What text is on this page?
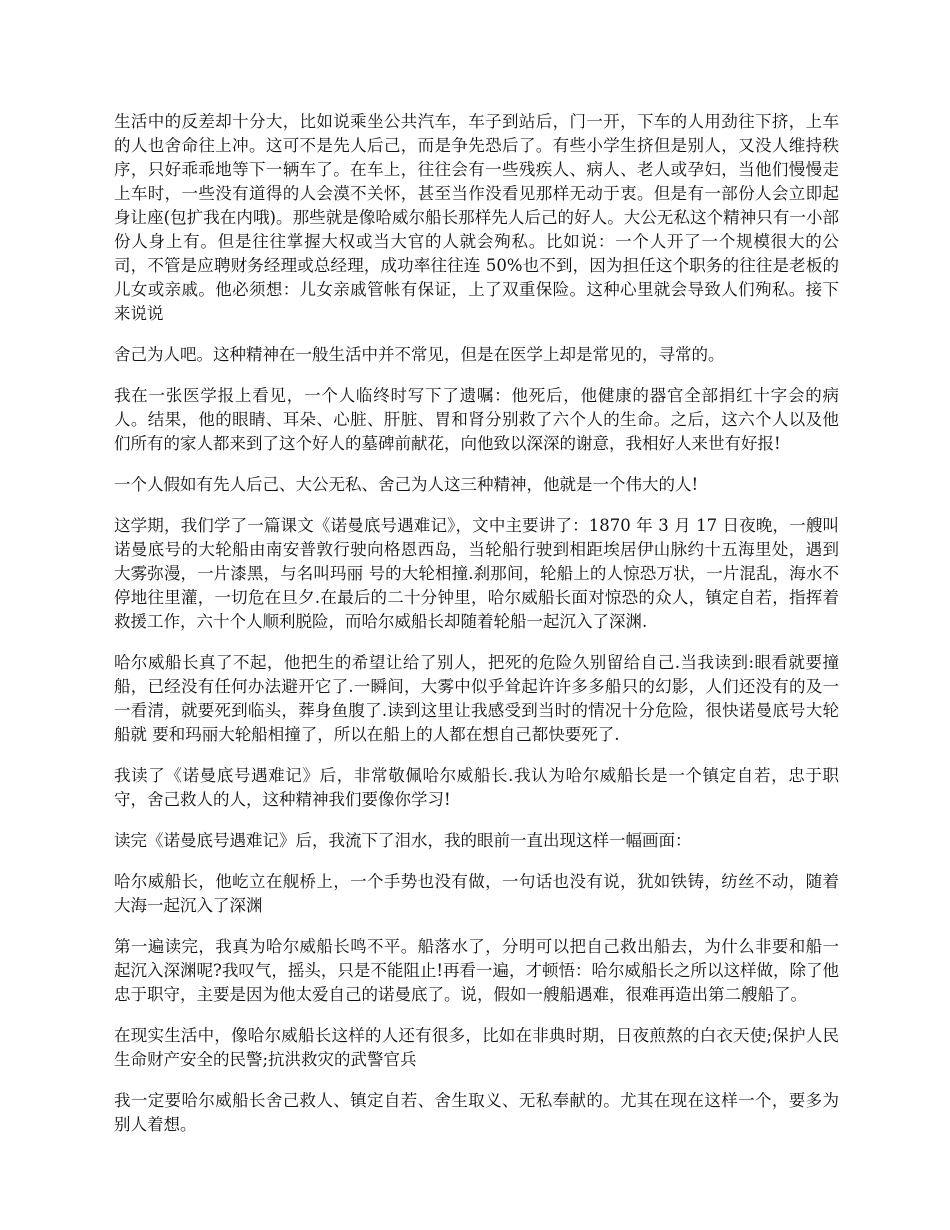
生活中的反差却十分大，比如说乘坐公共汽车，车子到站后，门一开，下车的人用劲往下挤，上车的人也舍命往上冲。这可不是先人后己，而是争先恐后了。有些小学生挤但是别人，又没人维持秩序，只好乖乖地等下一辆车了。在车上，往往会有一些残疾人、病人、老人或孕妇，当他们慢慢走上车时，一些没有道得的人会漠不关怀，甚至当作没看见那样无动于衷。但是有一部份人会立即起身让座(包扩我在内哦)。那些就是像哈威尔船长那样先人后己的好人。大公无私这个精神只有一小部份人身上有。但是往往掌握大权或当大官的人就会殉私。比如说：一个人开了一个规模很大的公司，不管是应聘财务经理或总经理，成功率往往连 50%也不到，因为担任这个职务的往往是老板的儿女或亲戚。他必须想：儿女亲戚管帐有保证，上了双重保险。这种心里就会导致人们殉私。接下来说说

舍己为人吧。这种精神在一般生活中并不常见，但是在医学上却是常见的，寻常的。

我在一张医学报上看见，一个人临终时写下了遗嘱：他死后，他健康的器官全部捐红十字会的病人。结果，他的眼睛、耳朵、心脏、肝脏、胃和肾分别救了六个人的生命。之后，这六个人以及他们所有的家人都来到了这个好人的墓碑前献花，向他致以深深的谢意，我相好人来世有好报!

一个人假如有先人后己、大公无私、舍己为人这三种精神，他就是一个伟大的人!

这学期，我们学了一篇课文《诺曼底号遇难记》，文中主要讲了：1870 年 3 月 17 日夜晚，一艘叫诺曼底号的大轮船由南安普敦行驶向格恩西岛，当轮船行驶到相距埃居伊山脉约十五海里处，遇到大雾弥漫，一片漆黑，与名叫玛丽 号的大轮相撞.刹那间，轮船上的人惊恐万状，一片混乱，海水不停地往里灌，一切危在旦夕.在最后的二十分钟里，哈尔威船长面对惊恐的众人，镇定自若，指挥着救援工作，六十个人顺利脱险，而哈尔威船长却随着轮船一起沉入了深渊.

哈尔威船长真了不起，他把生的希望让给了别人，把死的危险久别留给自己.当我读到:眼看就要撞船，已经没有任何办法避开它了.一瞬间，大雾中似乎耸起许许多多船只的幻影，人们还没有的及一一看清，就要死到临头，葬身鱼腹了.读到这里让我感受到当时的情况十分危险，很快诺曼底号大轮船就 要和玛丽大轮船相撞了，所以在船上的人都在想自己都快要死了.

我读了《诺曼底号遇难记》后，非常敬佩哈尔威船长.我认为哈尔威船长是一个镇定自若，忠于职守，舍己救人的人，这种精神我们要像你学习!

读完《诺曼底号遇难记》后，我流下了泪水，我的眼前一直出现这样一幅画面：

哈尔威船长，他屹立在舰桥上，一个手势也没有做，一句话也没有说，犹如铁铸，纺丝不动，随着大海一起沉入了深渊

第一遍读完，我真为哈尔威船长鸣不平。船落水了，分明可以把自己救出船去，为什么非要和船一起沉入深渊呢?我叹气，摇头，只是不能阻止!再看一遍，才顿悟：哈尔威船长之所以这样做，除了他忠于职守，主要是因为他太爱自己的诺曼底了。说，假如一艘船遇难，很难再造出第二艘船了。

在现实生活中，像哈尔威船长这样的人还有很多，比如在非典时期，日夜煎熬的白衣天使;保护人民生命财产安全的民警;抗洪救灾的武警官兵

我一定要哈尔威船长舍己救人、镇定自若、舍生取义、无私奉献的。尤其在现在这样一个，要多为别人着想。
